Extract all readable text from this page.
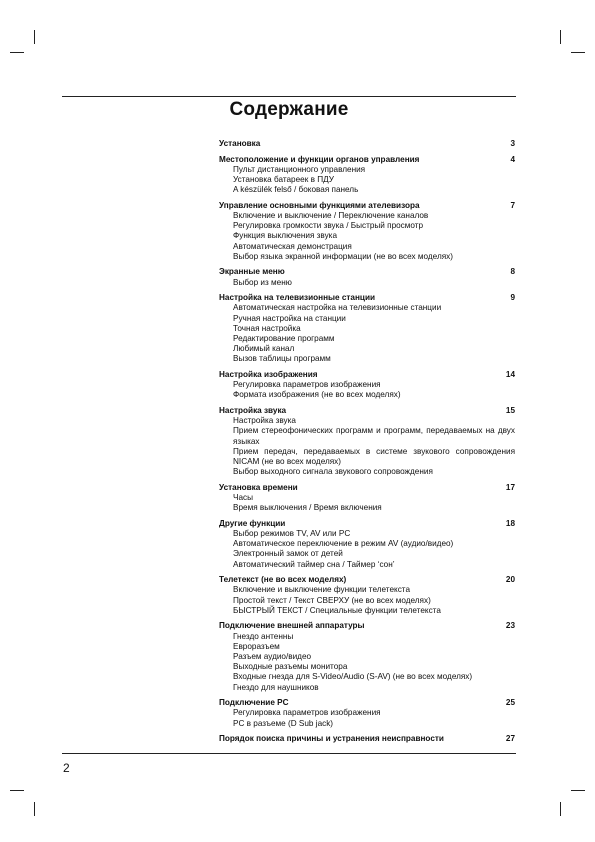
Содержание
Установка	3
Местоположение и функции органов управления	4
Пульт дистанционного управления
Установка батареек в ПДУ
A készülék felső / боковая панель
Управление основными функциями ателевизора	7
Включение и выключение / Переключение каналов
Регулировка громкости звука / Быстрый просмотр
Функция выключения звука
Автоматическая демонстрация
Выбор языка экранной информации (не во всех моделях)
Экранные меню	8
Выбор из меню
Настройка на телевизионные станции	9
Автоматическая настройка на телевизионные станции
Ручная настройка на станции
Точная настройка
Редактирование программ
Любимый канал
Вызов таблицы программ
Настройка изображения	14
Регулировка параметров изображения
Формата изображения (не во всех моделях)
Настройка звука	15
Настройка звука
Прием стереофонических программ и программ, передаваемых на двух языках
Прием передач, передаваемых в системе звукового сопровождения NICAM (не во всех моделях)
Выбор выходного сигнала звукового сопровождения
Установка времени	17
Часы
Время выключения / Время включения
Другие функции	18
Выбор режимов TV, AV или PC
Автоматическое переключение в режим AV (аудио/видео)
Электронный замок от детей
Автоматический таймер сна / Таймер ‘сон’
Телетекст (не во всех моделях)	20
Включение и выключение функции телетекста
Простой текст / Текст СВЕРХУ (не во всех моделях)
БЫСТРЫЙ ТЕКСТ / Специальные функции телетекста
Подключение внешней аппаратуры	23
Гнездо антенны
Евроразъем
Разъем аудио/видео
Выходные разъемы монитора
Входные гнезда для S-Video/Audio (S-AV) (не во всех моделях)
Гнездо для наушников
Подключение PC	25
Регулировка параметров изображения
PC в разъеме (D Sub jack)
Порядок поиска причины и устранения неисправности	27
2
